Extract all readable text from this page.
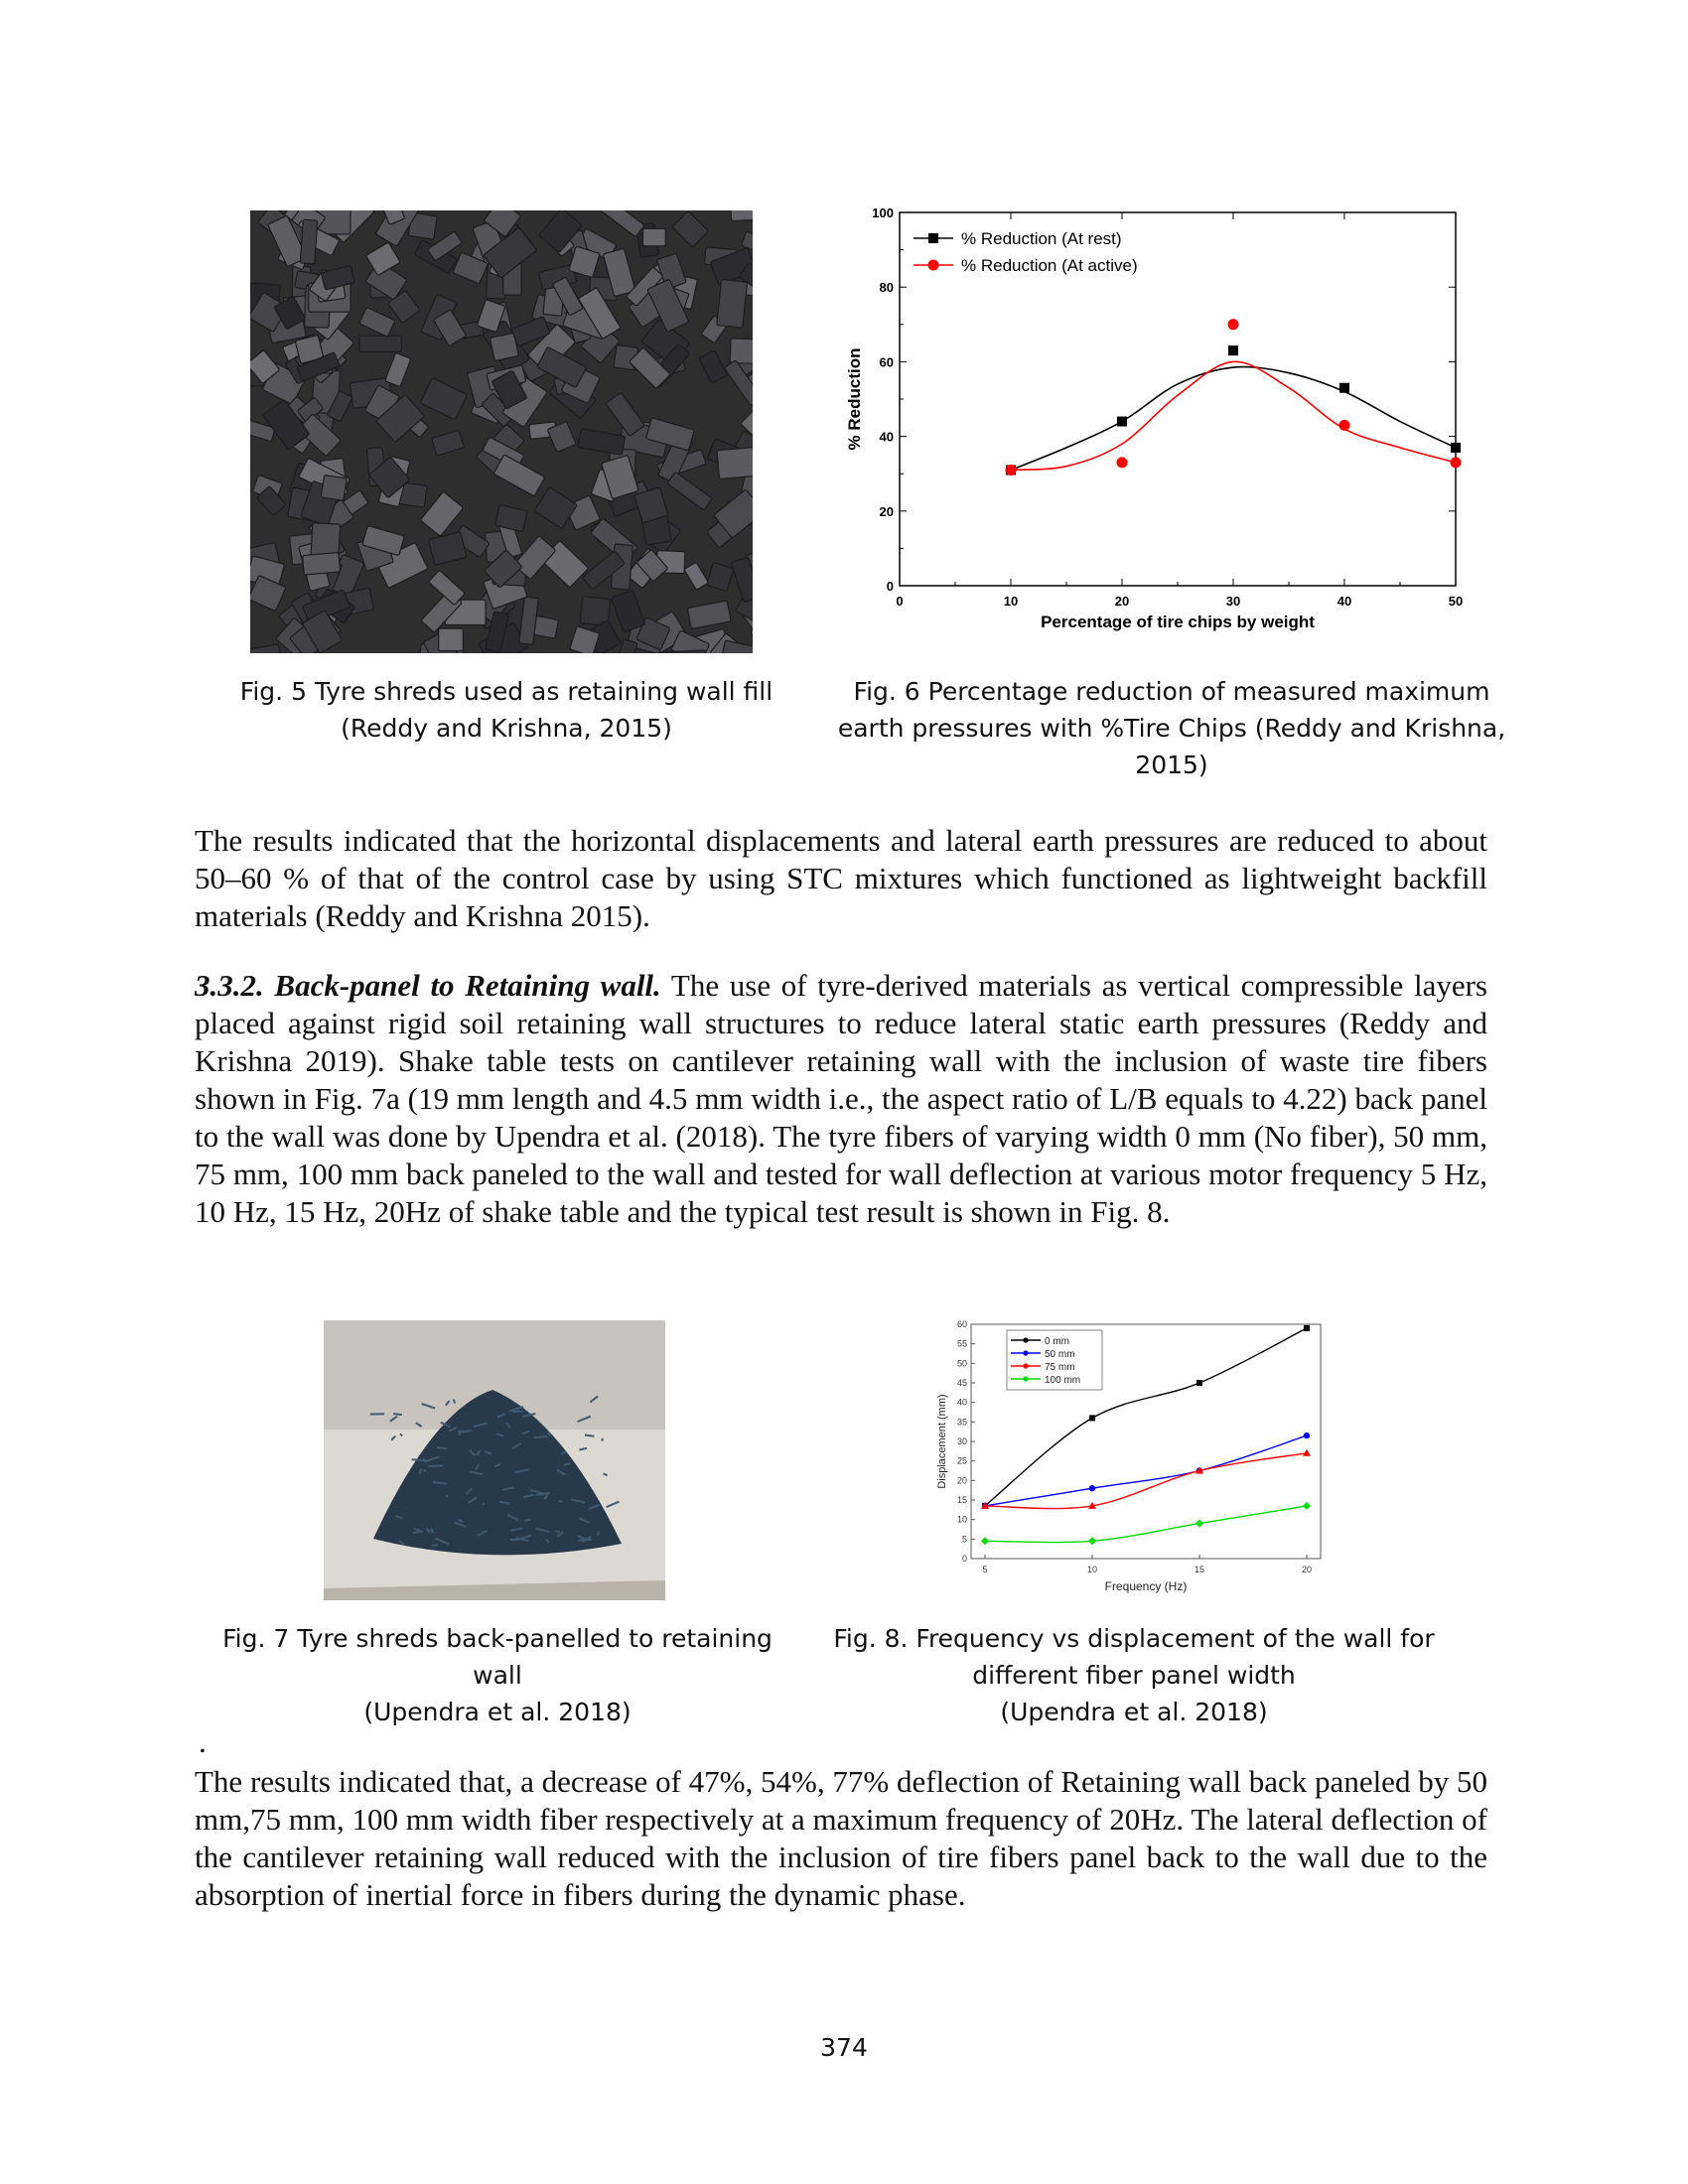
0	10	20	30	40	50
0
20
40
60
80
100
Percentage of tire chips by weight
% Reduction
% Reduction (At rest)
% Reduction (At active)
Fig. 5 Tyre shreds used as retaining wall fill
(Reddy and Krishna, 2015)
Fig. 6 Percentage reduction of measured maximum
earth pressures with %Tire Chips (Reddy and Krishna,
2015)
The results indicated that the horizontal displacements and lateral earth pressures are reduced to about 50–60 % of that of the control case by using STC mixtures which functioned as lightweight backfill materials (Reddy and Krishna 2015).
3.3.2. Back-panel to Retaining wall. The use of tyre-derived materials as vertical compressible layers placed against rigid soil retaining wall structures to reduce lateral static earth pressures (Reddy and Krishna 2019). Shake table tests on cantilever retaining wall with the inclusion of waste tire fibers shown in Fig. 7a (19 mm length and 4.5 mm width i.e., the aspect ratio of L/B equals to 4.22) back panel to the wall was done by Upendra et al. (2018). The tyre fibers of varying width 0 mm (No fiber), 50 mm, 75 mm, 100 mm back paneled to the wall and tested for wall deflection at various motor frequency 5 Hz, 10 Hz, 15 Hz, 20Hz of shake table and the typical test result is shown in Fig. 8.
5	10	15	20
0
5
10
15
20
25
30
35
40
45
50
55
60
Frequency (Hz)
Displacement (mm)
0 mm
50 mm
75 mm
100 mm
Fig. 7 Tyre shreds back-panelled to retaining
wall
(Upendra et al. 2018)
Fig. 8. Frequency vs displacement of the wall for
different fiber panel width
(Upendra et al. 2018)
.
The results indicated that, a decrease of 47%, 54%, 77% deflection of Retaining wall back paneled by 50 mm,75 mm, 100 mm width fiber respectively at a maximum frequency of 20Hz. The lateral deflection of the cantilever retaining wall reduced with the inclusion of tire fibers panel back to the wall due to the absorption of inertial force in fibers during the dynamic phase.
374
